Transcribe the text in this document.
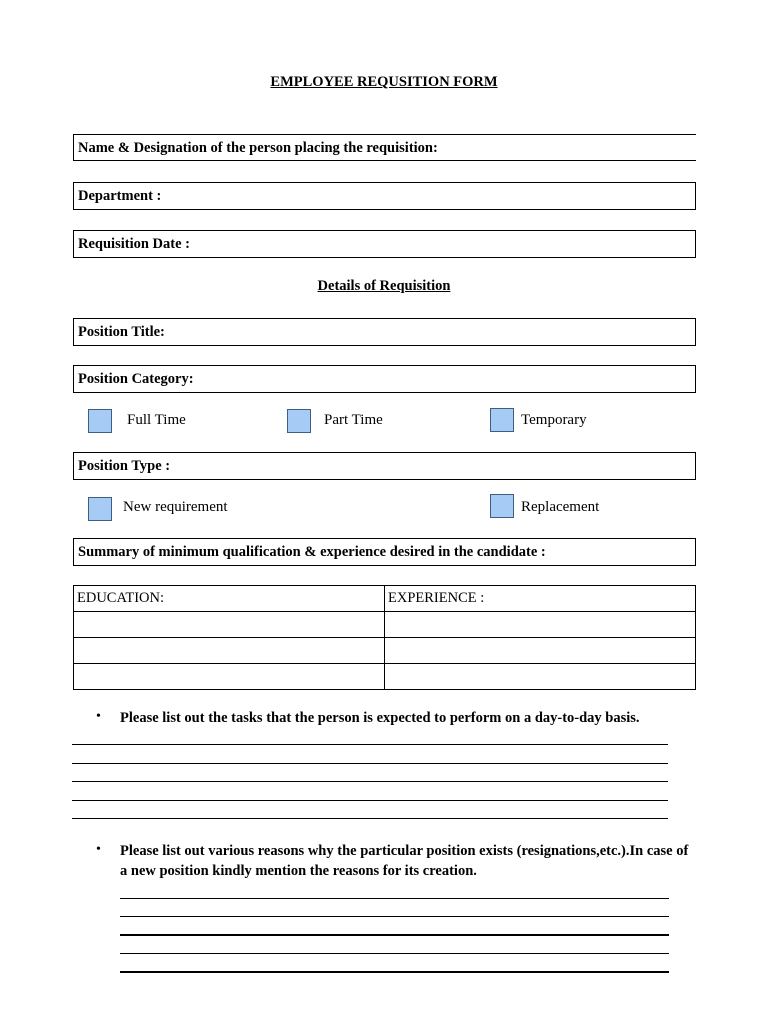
EMPLOYEE REQUSITION FORM
Name & Designation of the person placing the requisition:
Department :
Requisition Date :
Details of Requisition
Position Title:
Position Category:
Full Time	Part Time	Temporary
Position Type :
New requirement	Replacement
Summary of minimum qualification & experience desired in the candidate :
EDUCATION:	EXPERIENCE :

• Please list out the tasks that the person is expected to perform on a day-to-day basis.
• Please list out various reasons why the particular position exists (resignations,etc.).In case of a new position kindly mention the reasons for its creation.
